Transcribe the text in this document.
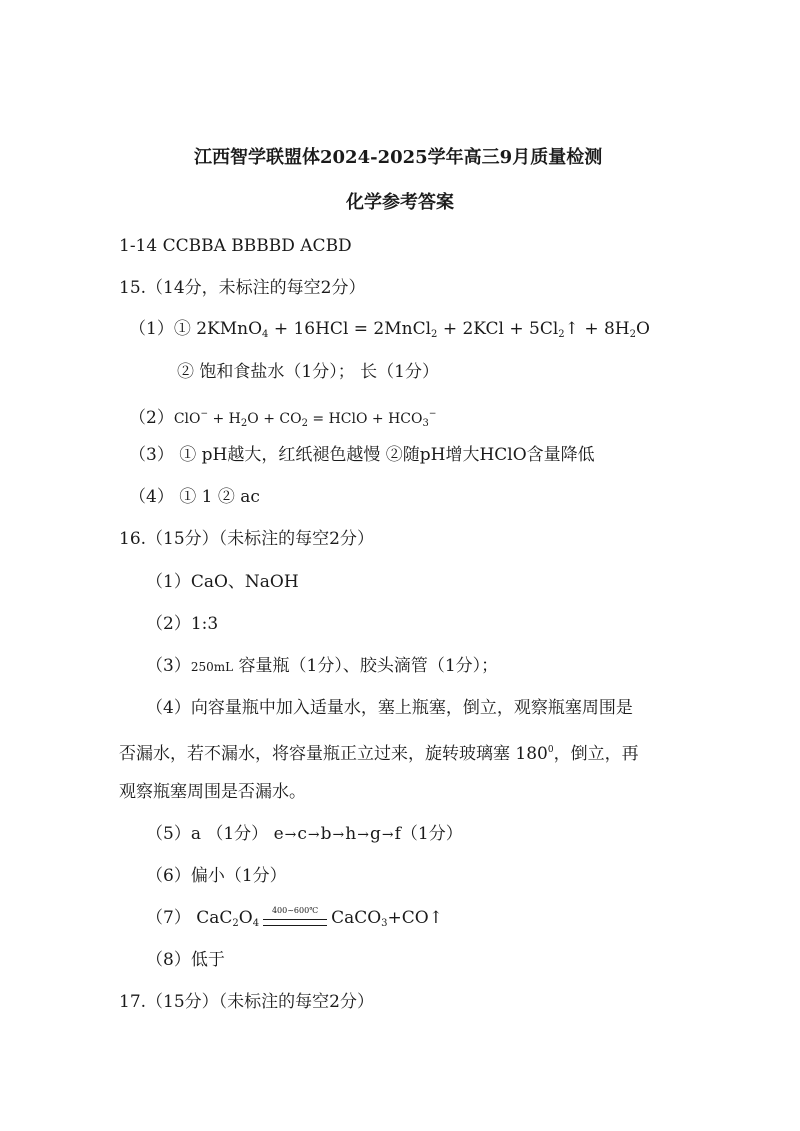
江西智学联盟体2024-2025学年高三9月质量检测
化学参考答案
1-14 CCBBA BBBBD ACBD
15.（14分，未标注的每空2分）
（1）① 2KMnO$_4$ + 16HCl = 2MnCl$_2$ + $2KCl + 5Cl_2↑ + 8H_2O$
② 饱和食盐水（1分）； 长（1分）
$(2)ClO^- + H_2O + CO_2$ = HClO + $HCO_3^-$
（3） ① pH越大，红纸褪色越慢 ②随pH增大HClO含量降低
（4） ① 1 ② ac
16.（15分）（未标注的每空2分）
（1）CaO、NaOH
（2）1:3
（3）250mL 容量瓶（1分）、胶头滴管（1分）；
（4）向容量瓶中加入适量水，塞上瓶塞，倒立，观察瓶塞周围是
否漏水，若不漏水，将容量瓶正立过来，旋转玻璃塞 $180^0$，倒立，再
观察瓶塞周围是否漏水。
（5）a （1分） e→c→b→h→g→f（1分）
（6）偏小（1分）
（7） $CaC_2O_4$
400~600℃ CaCO$_3$+CO↑
（8）低于
17.（15分）（未标注的每空2分）
